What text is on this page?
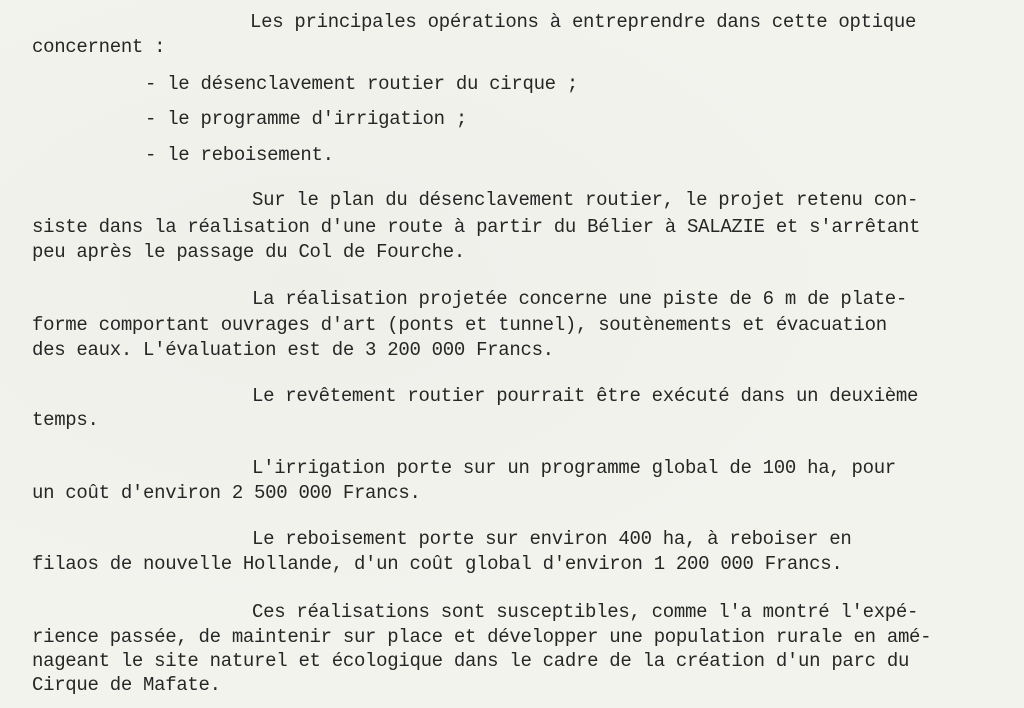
Les principales opérations à entreprendre dans cette optique
concernent :
- le désenclavement routier du cirque ;
- le programme d'irrigation ;
- le reboisement.
Sur le plan du désenclavement routier, le projet retenu con-
siste dans la réalisation d'une route à partir du Bélier à SALAZIE et s'arrêtant
peu après le passage du Col de Fourche.
La réalisation projetée concerne une piste de 6 m de plate-
forme comportant ouvrages d'art (ponts et tunnel), soutènements et évacuation
des eaux. L'évaluation est de 3 200 000 Francs.
Le revêtement routier pourrait être exécuté dans un deuxième
temps.
L'irrigation porte sur un programme global de 100 ha, pour
un coût d'environ 2 500 000 Francs.
Le reboisement porte sur environ 400 ha, à reboiser en
filaos de nouvelle Hollande, d'un coût global d'environ 1 200 000 Francs.
Ces réalisations sont susceptibles, comme l'a montré l'expé-
rience passée, de maintenir sur place et développer une population rurale en amé-
nageant le site naturel et écologique dans le cadre de la création d'un parc du
Cirque de Mafate.
